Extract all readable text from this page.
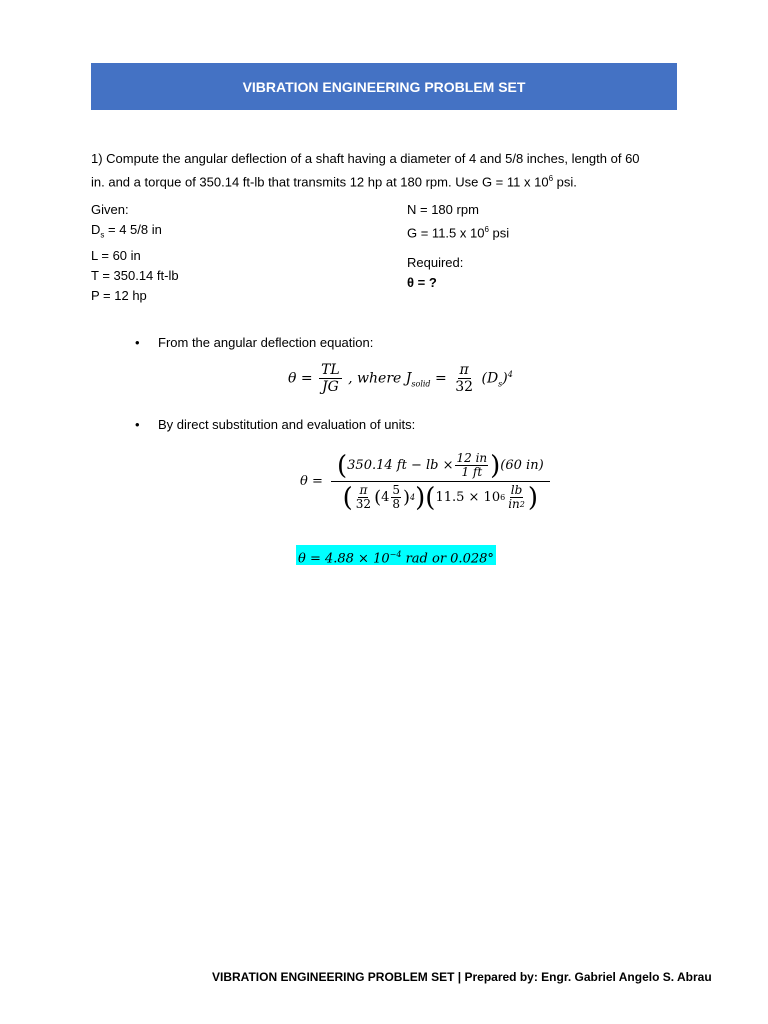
VIBRATION ENGINEERING PROBLEM SET
1) Compute the angular deflection of a shaft having a diameter of 4 and 5/8 inches, length of 60
in. and a torque of 350.14 ft-lb that transmits 12 hp at 180 rpm. Use G = 11 x $10^6$ psi.
Given:
$D_s = 4$ 5/8 in
L = 60 in
T = 350.14 ft-lb
P = 12 hp
N = 180 rpm
G = 11.5 x $10^6$ psi
Required:
θ = ?
• From the angular deflection equation:
$\theta = \frac{TL}{JG}$ , where $J_{solid} = \frac{\pi}{32} (D_s)^4$
• By direct substitution and evaluation of units:
θ =
( 350.14 ft − lb × $\frac{12 in}{1 ft}$ ) (60 in)
( $\frac{\pi}{32}$ ( $4 \frac{5}{8}$ ) 4 ) ( 11.5 × 10 $6 \frac{lb}{in 2}$ )
$\theta = 4.88 \times 10^{-4}$ rad or 0.028°
VIBRATION ENGINEERING PROBLEM SET | Prepared by: Engr. Gabriel Angelo S. Abrau
